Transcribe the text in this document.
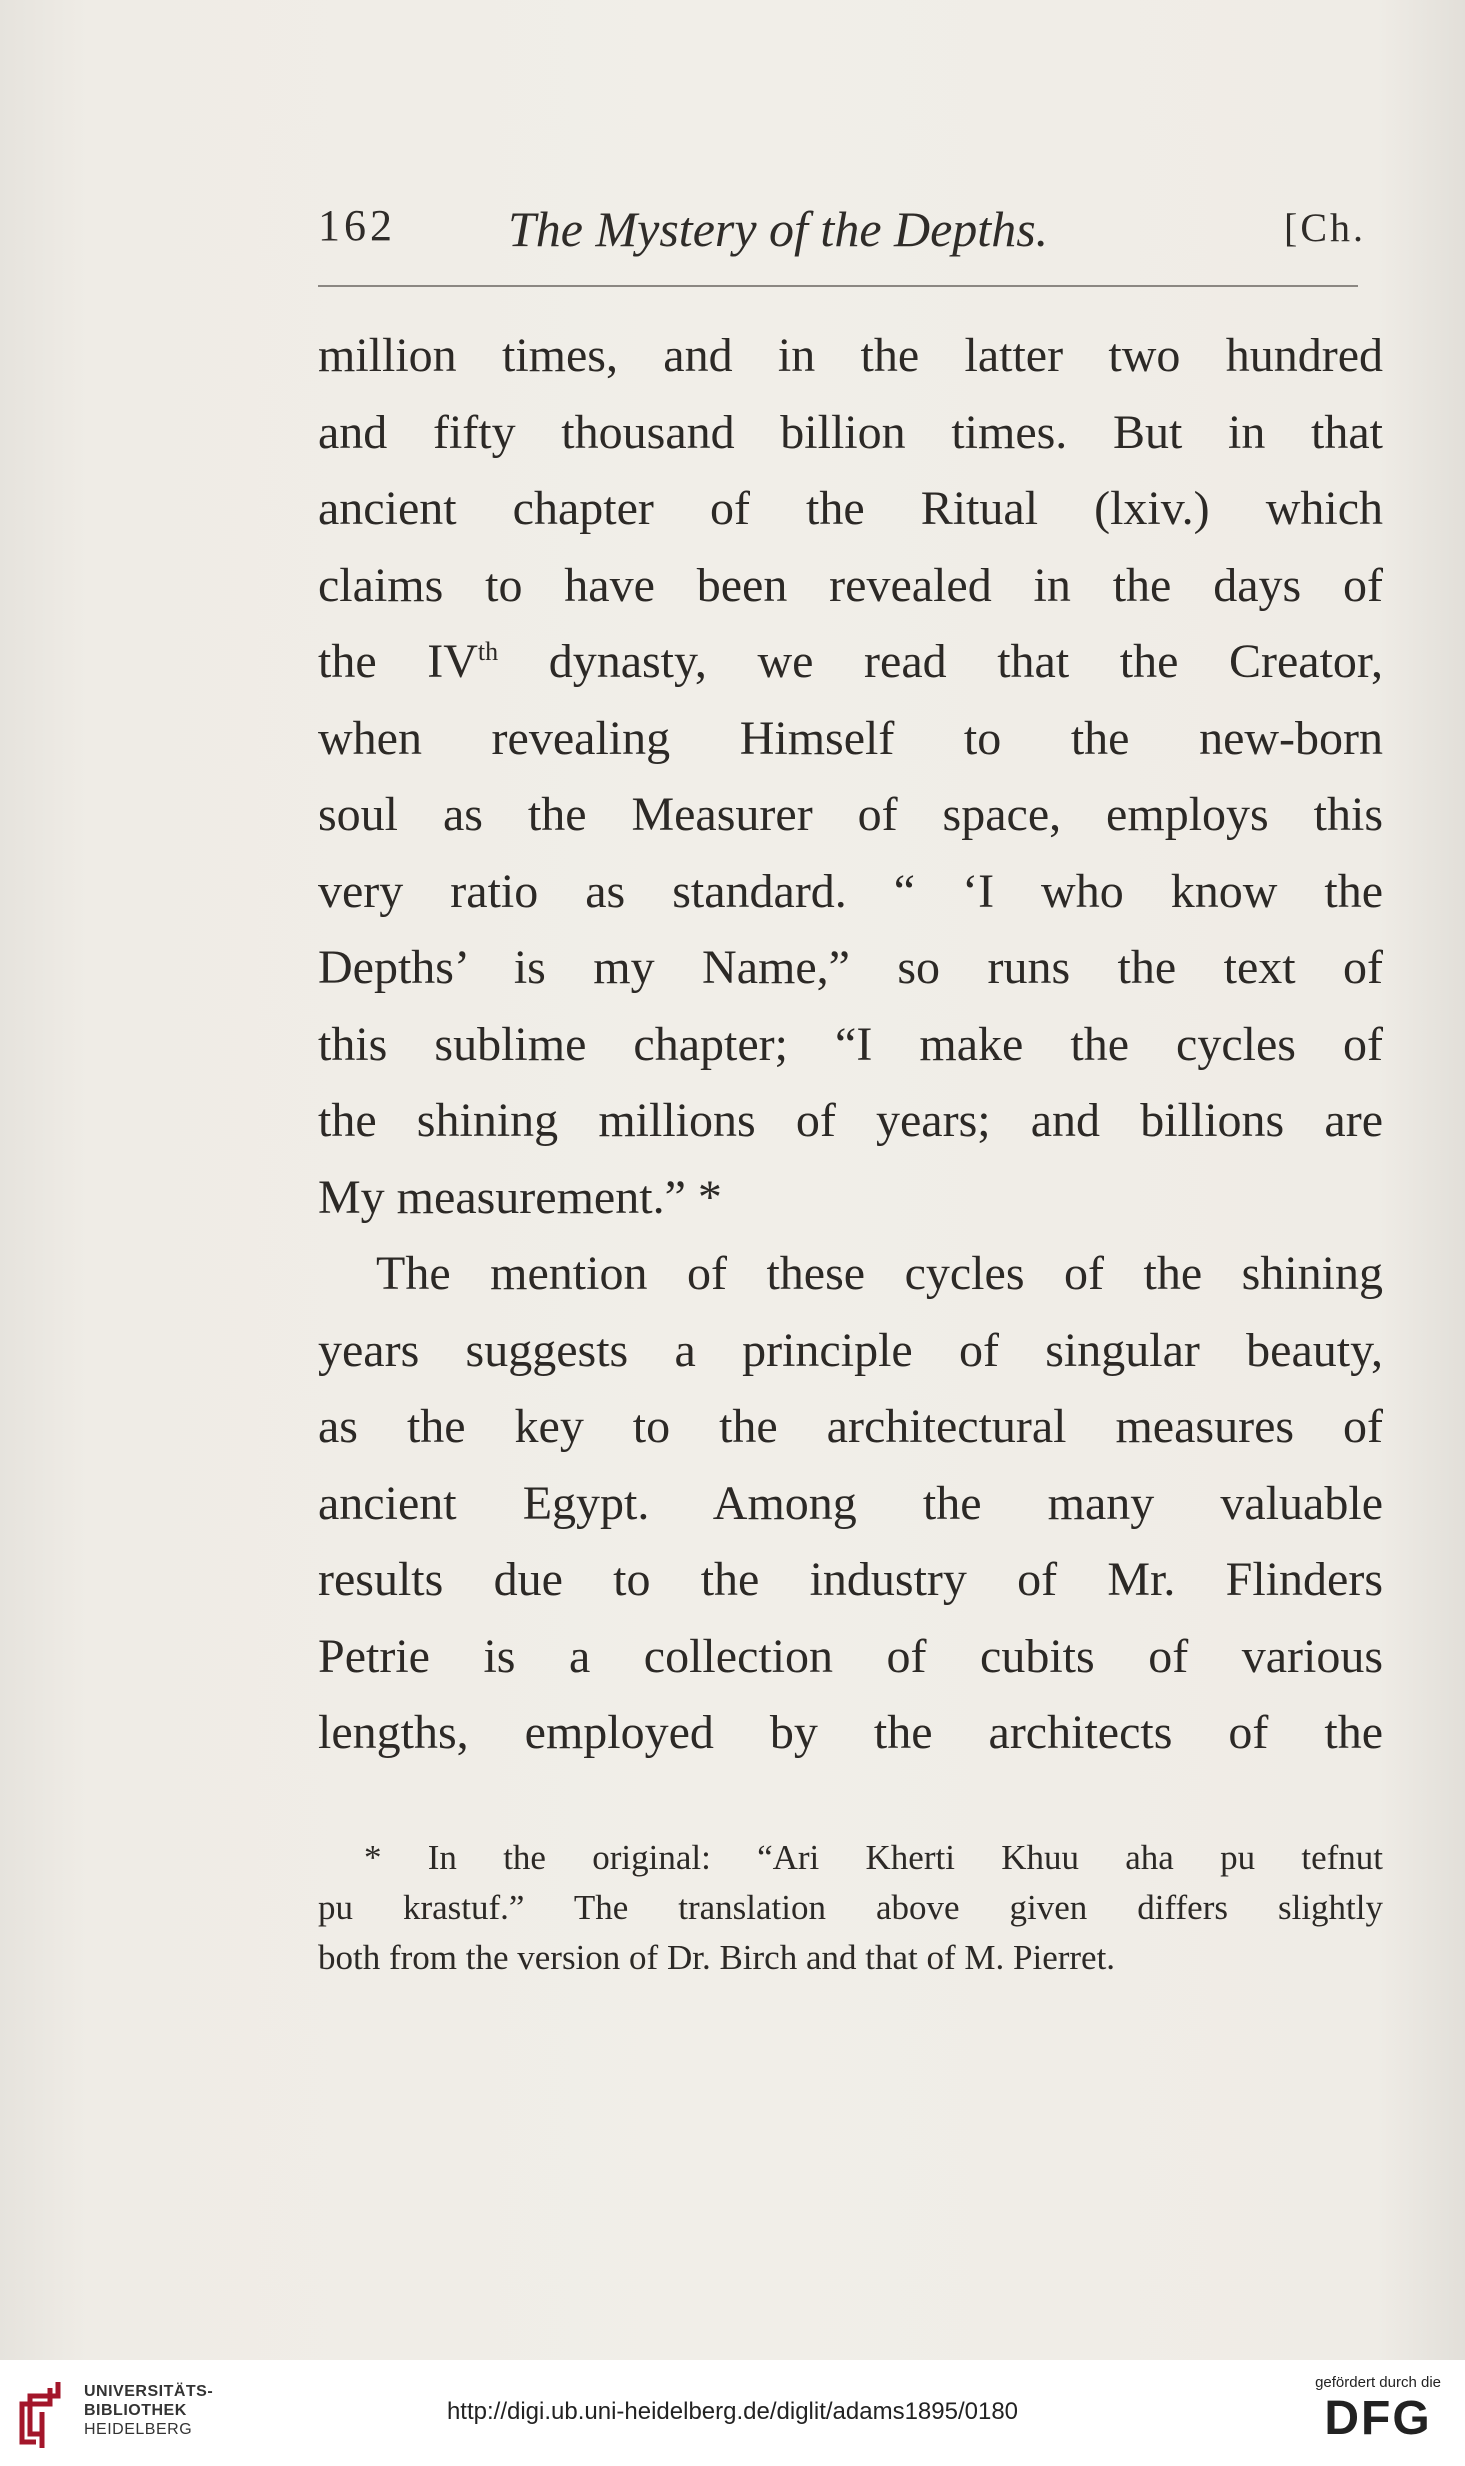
162 The Mystery of the Depths.	[Ch.
million times, and in the latter two hundred
and fifty thousand billion times. But in that
ancient chapter of the Ritual (lxiv.) which
claims to have been revealed in the days of
the IVth dynasty, we read that the Creator,
when revealing Himself to the new-born
soul as the Measurer of space, employs this
very ratio as standard. “ ‘I who know the
Depths’ is my Name,” so runs the text of
this sublime chapter; “I make the cycles of
the shining millions of years; and billions are
My measurement.” *
The mention of these cycles of the shining
years suggests a principle of singular beauty,
as the key to the architectural measures of
ancient Egypt. Among the many valuable
results due to the industry of Mr. Flinders
Petrie is a collection of cubits of various
lengths, employed by the architects of the
* In the original: “Ari Kherti Khuu aha pu tefnut
pu krastuf.” The translation above given differs slightly
both from the version of Dr. Birch and that of M. Pierret.
UNIVERSITÄTS-
BIBLIOTHEK
HEIDELBERG
http://digi.ub.uni-heidelberg.de/diglit/adams1895/0180
gefördert durch die
DFG
